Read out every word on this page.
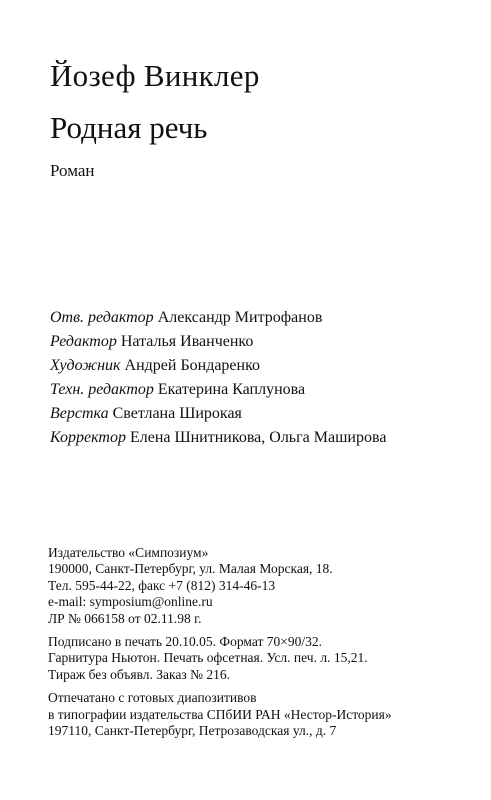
Йозеф Винклер
Родная речь
Роман
Отв. редактор Александр Митрофанов
Редактор Наталья Иванченко
Художник Андрей Бондаренко
Техн. редактор Екатерина Каплунова
Верстка Светлана Широкая
Корректор Елена Шнитникова, Ольга Маширова
Издательство «Симпозиум»
190000, Санкт-Петербург, ул. Малая Морская, 18.
Тел. 595-44-22, факс +7 (812) 314-46-13
e-mail: symposium@online.ru
ЛР № 066158 от 02.11.98 г.
Подписано в печать 20.10.05. Формат 70×90/32.
Гарнитура Ньютон. Печать офсетная. Усл. печ. л. 15,21.
Тираж без объявл. Заказ № 216.
Отпечатано с готовых диапозитивов
в типографии издательства СПбИИ РАН «Нестор-История»
197110, Санкт-Петербург, Петрозаводская ул., д. 7
